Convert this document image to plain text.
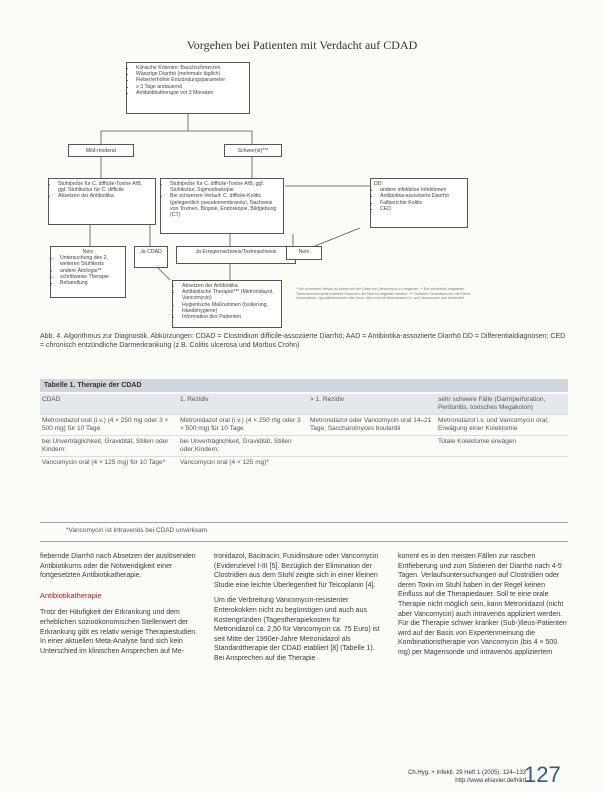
Vorgehen bei Patienten mit Verdacht auf CDAD
• Klinische Kriterien: Bauchschmerzen
• Wässrige Diarrhö (mehrmals täglich)
• Fieber/erhöhte Entzündungsparameter
• ≥ 3 Tage andauernd
• Antibiotikatherapie vor 3 Monaten
Mild-moderat	Schwer(st)***
• Stuhlprobe für C. difficile-Toxine A/B, ggf. Stuhlkultur für C. difficile
• Absetzen der Antibiotika
• Stuhlprobe für C. difficile-Toxine A/B, ggf. Stuhlkultur, Sigmoidoskopie
• Bei schwerem Verlauf: C. difficile-Kolitis (gelegentlich pseudomembranös), Nachweis von Toxinen, Biopsie, Endoskopie, Bildgebung (CT)
DD:
• andere infektiöse Infektionen
• Antibiotika-assoziierte Diarrhö
• Fallberichte Kolitis
• CED
Nein
• Untersuchung des 2. weiteren Stuhltests
• andere Ätiologie**
• schrittweise Therapie
• Behandlung
Ja CDAD	Ja Erregernachweis/Toxinnachweis	Nein
• Absetzen der Antibiotika
• Antibiotische Therapie*** (Metronidazol, Vancomycin)
• Hygienische Maßnahmen (Isolierung, Händehygiene)
• Information des Patienten
* Bei schwerem Verlauf ist primär mit der Gabe von Vancomycin zu beginnen. ** Bei wiederholt negativem Toxinnachweis sollten weitere Ursachen der Diarrhö abgeklärt werden. *** Schwere Verlaufsformen mit Fieber, Leukozytose, Hypoalbuminämie oder Ileus; dies wird mit Metronidazol i.v. und Vancomycin oral behandelt.
Abb. 4. Algorithmus zur Diagnostik. Abkürzungen: CDAD = Clostridium difficile-assoziierte Diarrhö; AAD = Antibiotika-assoziierte Diarrhö DD = Differentialdiagnosen; CED = chronisch entzündliche Darmerkrankung (z.B. Colitis ulcerosa und Morbus Crohn)
Tabelle 1. Therapie der CDAD
CDAD	1. Rezidiv	> 1. Rezidiv	sehr schwere Fälle (Darmperforation, Peritonitis, toxisches Megakolon)
Metronidazol oral (i.v.) (4 × 250 mg oder 3 × 500 mg) für 10 Tage	Metronidazol oral (i.v.) (4 × 250 mg oder 3 × 500 mg) für 10 Tage	Metronidazol oder Vancomycin oral 14–21 Tage; Saccharomyces boulardii	Metronidazol i.v. und Vancomycin oral; Erwägung einer Kolektomie
bei Unverträglichkeit, Gravidität, Stillen oder Kindern:	bei Unverträglichkeit, Gravidität, Stillen oder Kindern:		Totale Kolektomie erwägen
Vancomycin oral (4 × 125 mg) für 10 Tage*	Vancomycin oral (4 × 125 mg)*		
*Vancomycin ist intravenös bei CDAD unwirksam

fiebernde Diarrhö nach Absetzen der auslösenden Antibiotikums oder die Notwendigkeit einer fortgesetzten Antibiotikatherapie.

Antibiotikatherapie

Trotz der Häufigkeit der Erkrankung und dem erheblichen sozioökonomischen Stellenwert der Erkrankung gibt es relativ wenige Therapiestudien. In einer aktuellen Meta-Analyse fand sich kein Unterschied im klinischen Ansprechen auf Me-

tronidazol, Bacitracin, Fusidinsäure oder Vancomycin (Evidenzlevel I-III [5]. Bezüglich der Elimination der Clostridien aus dem Stuhl zeigte sich in einer kleinen Studie eine leichte Überlegenheit für Teicoplanin [4].

Um die Verbreitung Vancomycin-resistenter Enterokokken nicht zu begünstigen und auch aus Kostengründen (Tagestherapiekosten für Metronidazol ca. 2,50 für Vancomycin ca. 75 Euro) ist seit Mitte der 1990er-Jahre Metronidazol als Standardtherapie der CDAD etabliert [8] (Tabelle 1). Bei Ansprechen auf die Therapie

kommt es in den meisten Fällen zur raschen Entfieberung und zum Sistieren der Diarrhö nach 4-5 Tagen. Verlaufsuntersuchungen auf Clostridien oder deren Toxin im Stuhl haben in der Regel keinen Einfluss auf die Therapiedauer. Soll te eine orale Therapie nicht möglich sein, kann Metronidazol (nicht aber Vancomycin) auch intravenös appliziert werden. Für die Therapie schwer kranker (Sub-)Ileus-Patienten wird auf der Basis von Expertenmeinung die Kombinationstherapie von Vancomycin (bis 4 × 500 mg) per Magensonde und intravenös appliziertem

Ch.Hyg. + Infektl. 29 Heft 1 (2005): 124–133
http://www.elsevier.de/hiinf
127
